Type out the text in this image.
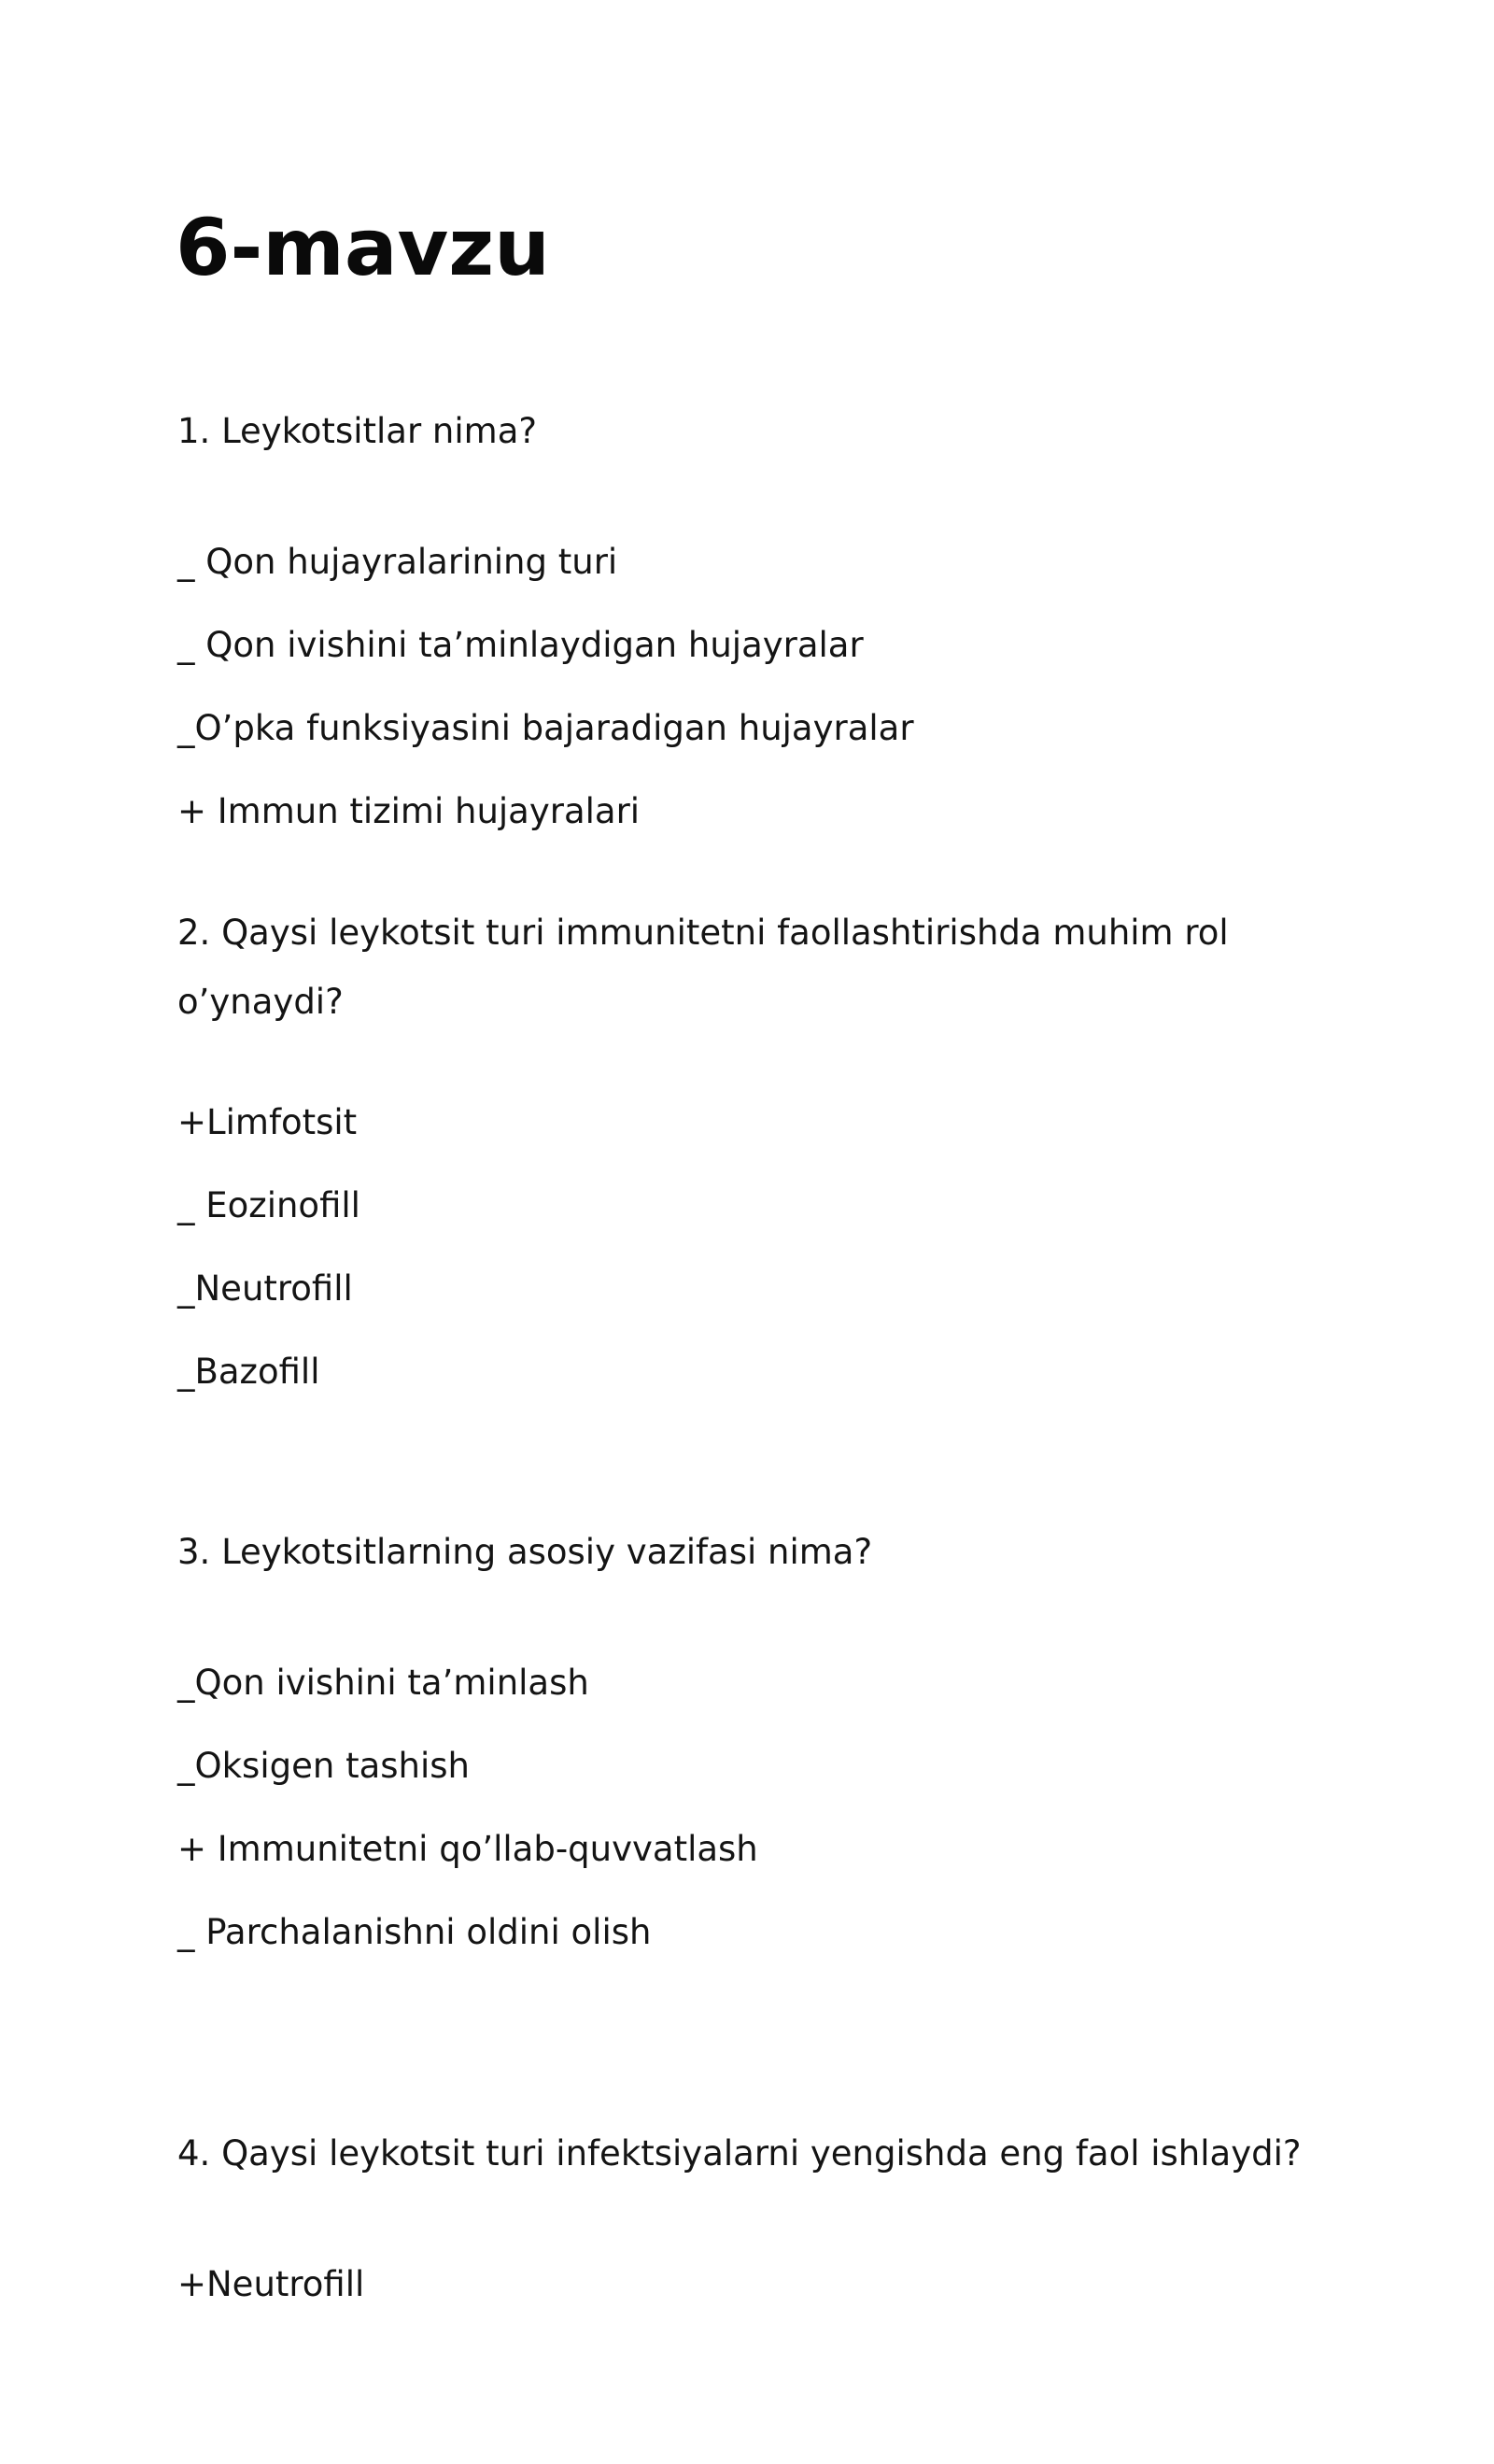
6-mavzu

1. Leykotsitlar nima?

_ Qon hujayralarining turi

_ Qon ivishini ta’minlaydigan hujayralar

_O’pka funksiyasini bajaradigan hujayralar

+ Immun tizimi hujayralari

2. Qaysi leykotsit turi immunitetni faollashtirishda muhim rol o’ynaydi?

+Limfotsit

_ Eozinofill

_Neutrofill

_Bazofill

3. Leykotsitlarning asosiy vazifasi nima?

_Qon ivishini ta’minlash

_Oksigen tashish

+ Immunitetni qo’llab-quvvatlash

_ Parchalanishni oldini olish

4. Qaysi leykotsit turi infektsiyalarni yengishda eng faol ishlaydi?

+Neutrofill
